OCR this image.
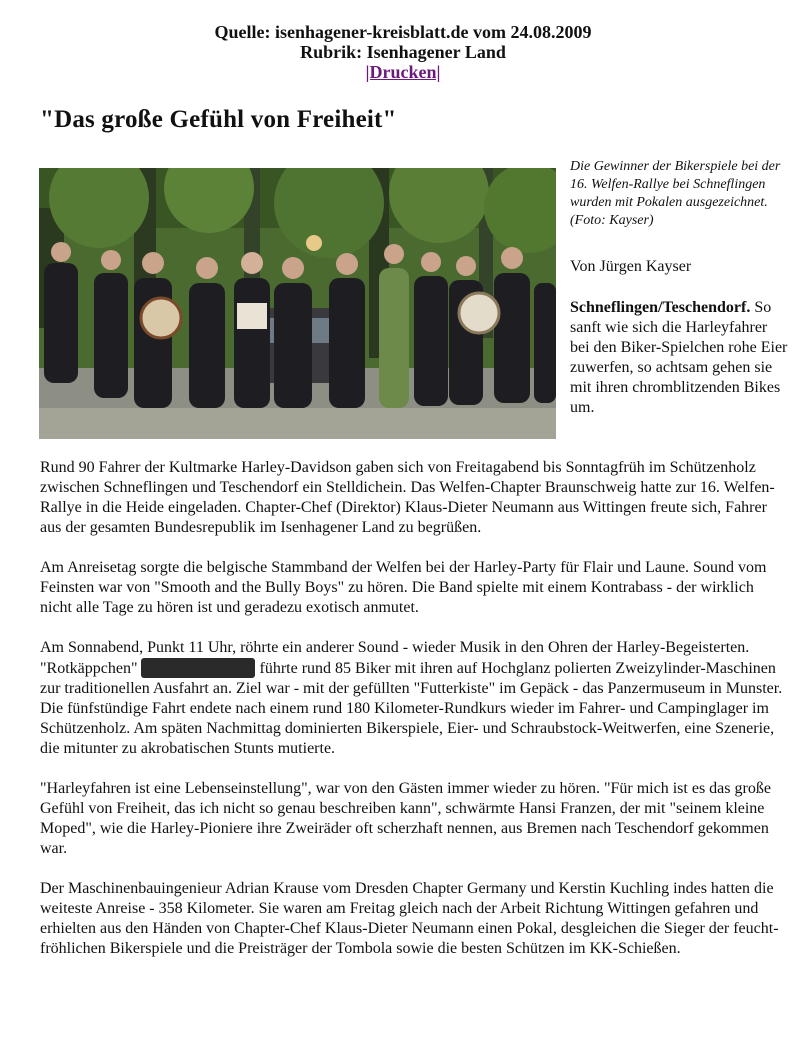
Quelle: isenhagener-kreisblatt.de vom 24.08.2009
Rubrik: Isenhagener Land
|Drucken|
"Das große Gefühl von Freiheit"

Die Gewinner der Bikerspiele bei der 16. Welfen-Rallye bei Schneflingen wurden mit Pokalen ausgezeichnet. (Foto: Kayser)

Von Jürgen Kayser

Schneflingen/Teschendorf. So sanft wie sich die Harleyfahrer bei den Biker-Spielchen rohe Eier zuwerfen, so achtsam gehen sie mit ihren chromblitzenden Bikes um.

Rund 90 Fahrer der Kultmarke Harley-Davidson gaben sich von Freitagabend bis Sonntagfrüh im Schützenholz zwischen Schneflingen und Teschendorf ein Stelldichein. Das Welfen-Chapter Braunschweig hatte zur 16. Welfen-Rallye in die Heide eingeladen. Chapter-Chef (Direktor) Klaus-Dieter Neumann aus Wittingen freute sich, Fahrer aus der gesamten Bundesrepublik im Isenhagener Land zu begrüßen.

Am Anreisetag sorgte die belgische Stammband der Welfen bei der Harley-Party für Flair und Laune. Sound vom Feinsten war von "Smooth and the Bully Boys" zu hören. Die Band spielte mit einem Kontrabass - der wirklich nicht alle Tage zu hören ist und geradezu exotisch anmutet.

Am Sonnabend, Punkt 11 Uhr, röhrte ein anderer Sound - wieder Musik in den Ohren der Harley-Begeisterten. "Rotkäppchen"	führte rund 85 Biker mit ihren auf Hochglanz polierten Zweizylinder-Maschinen zur traditionellen Ausfahrt an. Ziel war - mit der gefüllten "Futterkiste" im Gepäck - das Panzermuseum in Munster. Die fünfstündige Fahrt endete nach einem rund 180 Kilometer-Rundkurs wieder im Fahrer- und Campinglager im Schützenholz. Am späten Nachmittag dominierten Bikerspiele, Eier- und Schraubstock-Weitwerfen, eine Szenerie, die mitunter zu akrobatischen Stunts mutierte.

"Harleyfahren ist eine Lebenseinstellung", war von den Gästen immer wieder zu hören. "Für mich ist es das große Gefühl von Freiheit, das ich nicht so genau beschreiben kann", schwärmte Hansi Franzen, der mit "seinem kleine Moped", wie die Harley-Pioniere ihre Zweiräder oft scherzhaft nennen, aus Bremen nach Teschendorf gekommen war.

Der Maschinenbauingenieur Adrian Krause vom Dresden Chapter Germany und Kerstin Kuchling indes hatten die weiteste Anreise - 358 Kilometer. Sie waren am Freitag gleich nach der Arbeit Richtung Wittingen gefahren und erhielten aus den Händen von Chapter-Chef Klaus-Dieter Neumann einen Pokal, desgleichen die Sieger der feucht-fröhlichen Bikerspiele und die Preisträger der Tombola sowie die besten Schützen im KK-Schießen.
